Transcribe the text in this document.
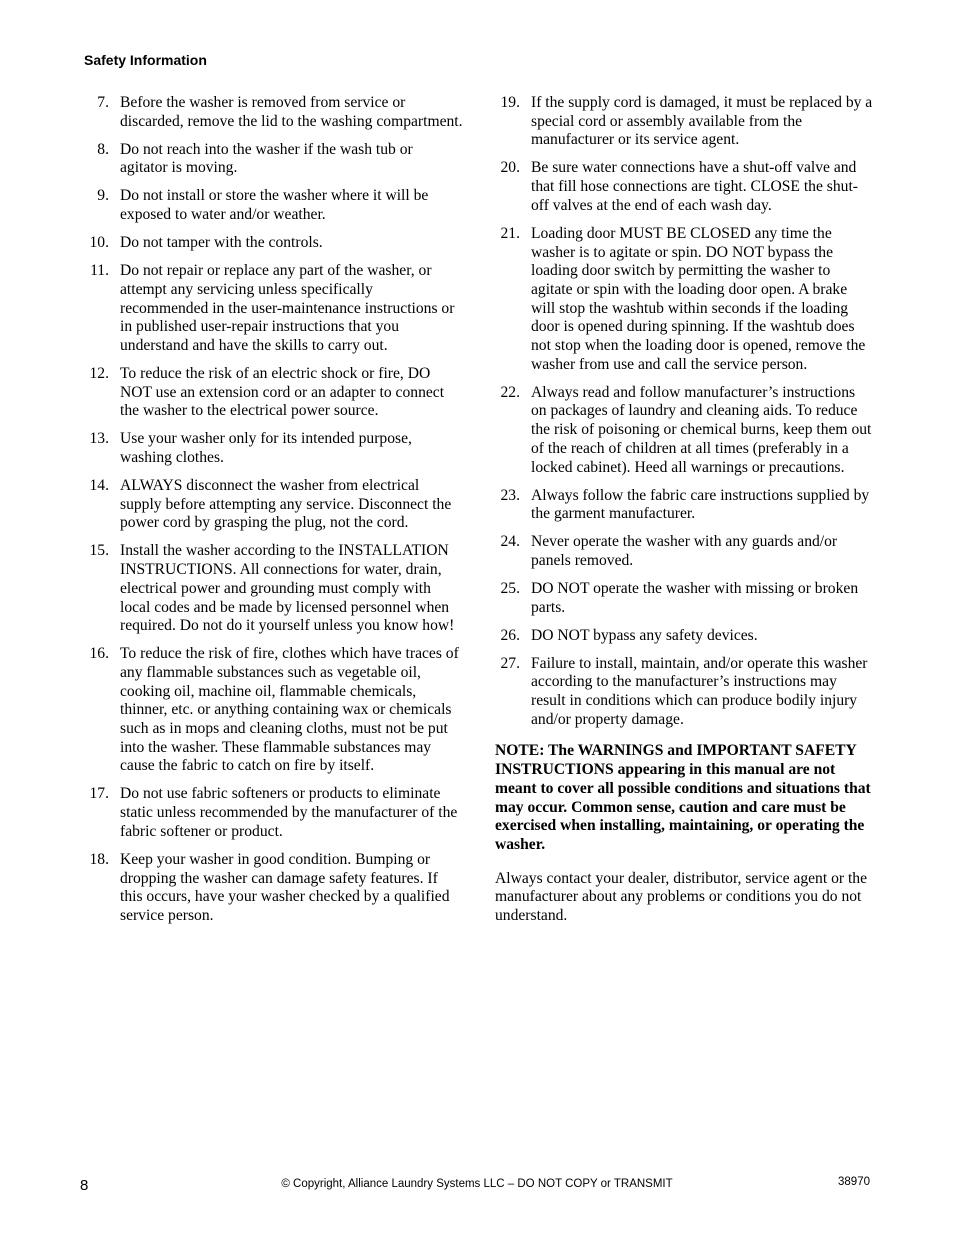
Safety Information
7. Before the washer is removed from service or discarded, remove the lid to the washing compartment.
8. Do not reach into the washer if the wash tub or agitator is moving.
9. Do not install or store the washer where it will be exposed to water and/or weather.
10. Do not tamper with the controls.
11. Do not repair or replace any part of the washer, or attempt any servicing unless specifically recommended in the user-maintenance instructions or in published user-repair instructions that you understand and have the skills to carry out.
12. To reduce the risk of an electric shock or fire, DO NOT use an extension cord or an adapter to connect the washer to the electrical power source.
13. Use your washer only for its intended purpose, washing clothes.
14. ALWAYS disconnect the washer from electrical supply before attempting any service. Disconnect the power cord by grasping the plug, not the cord.
15. Install the washer according to the INSTALLATION INSTRUCTIONS. All connections for water, drain, electrical power and grounding must comply with local codes and be made by licensed personnel when required. Do not do it yourself unless you know how!
16. To reduce the risk of fire, clothes which have traces of any flammable substances such as vegetable oil, cooking oil, machine oil, flammable chemicals, thinner, etc. or anything containing wax or chemicals such as in mops and cleaning cloths, must not be put into the washer. These flammable substances may cause the fabric to catch on fire by itself.
17. Do not use fabric softeners or products to eliminate static unless recommended by the manufacturer of the fabric softener or product.
18. Keep your washer in good condition. Bumping or dropping the washer can damage safety features. If this occurs, have your washer checked by a qualified service person.
19. If the supply cord is damaged, it must be replaced by a special cord or assembly available from the manufacturer or its service agent.
20. Be sure water connections have a shut-off valve and that fill hose connections are tight. CLOSE the shut-off valves at the end of each wash day.
21. Loading door MUST BE CLOSED any time the washer is to agitate or spin. DO NOT bypass the loading door switch by permitting the washer to agitate or spin with the loading door open. A brake will stop the washtub within seconds if the loading door is opened during spinning. If the washtub does not stop when the loading door is opened, remove the washer from use and call the service person.
22. Always read and follow manufacturer’s instructions on packages of laundry and cleaning aids. To reduce the risk of poisoning or chemical burns, keep them out of the reach of children at all times (preferably in a locked cabinet). Heed all warnings or precautions.
23. Always follow the fabric care instructions supplied by the garment manufacturer.
24. Never operate the washer with any guards and/or panels removed.
25. DO NOT operate the washer with missing or broken parts.
26. DO NOT bypass any safety devices.
27. Failure to install, maintain, and/or operate this washer according to the manufacturer’s instructions may result in conditions which can produce bodily injury and/or property damage.
NOTE: The WARNINGS and IMPORTANT SAFETY INSTRUCTIONS appearing in this manual are not meant to cover all possible conditions and situations that may occur. Common sense, caution and care must be exercised when installing, maintaining, or operating the washer.
Always contact your dealer, distributor, service agent or the manufacturer about any problems or conditions you do not understand.
8	© Copyright, Alliance Laundry Systems LLC – DO NOT COPY or TRANSMIT	38970
